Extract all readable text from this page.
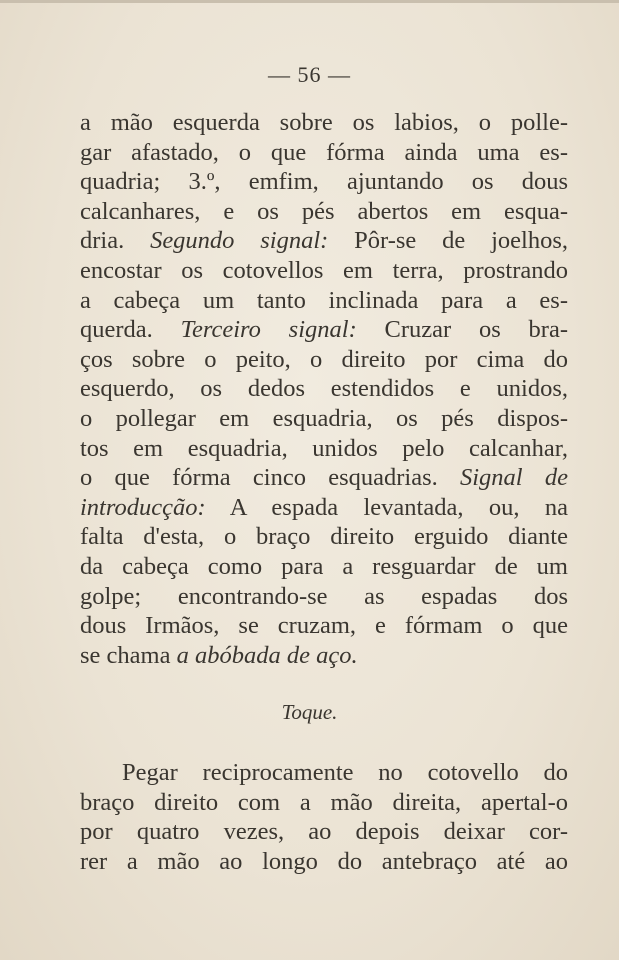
— 56 —
a mão esquerda sobre os labios, o polle-
gar afastado, o que fórma ainda uma es-
quadria; 3.º, emfim, ajuntando os dous
calcanhares, e os pés abertos em esqua-
dria. Segundo signal: Pôr-se de joelhos,
encostar os cotovellos em terra, prostrando
a cabeça um tanto inclinada para a es-
querda. Terceiro signal: Cruzar os bra-
ços sobre o peito, o direito por cima do
esquerdo, os dedos estendidos e unidos,
o pollegar em esquadria, os pés dispos-
tos em esquadria, unidos pelo calcanhar,
o que fórma cinco esquadrias. Signal de
introducção: A espada levantada, ou, na
falta d'esta, o braço direito erguido diante
da cabeça como para a resguardar de um
golpe; encontrando-se as espadas dos
dous Irmãos, se cruzam, e fórmam o que
se chama a abóbada de aço.
Toque.
Pegar reciprocamente no cotovello do
braço direito com a mão direita, apertal-o
por quatro vezes, ao depois deixar cor-
rer a mão ao longo do antebraço até ao
